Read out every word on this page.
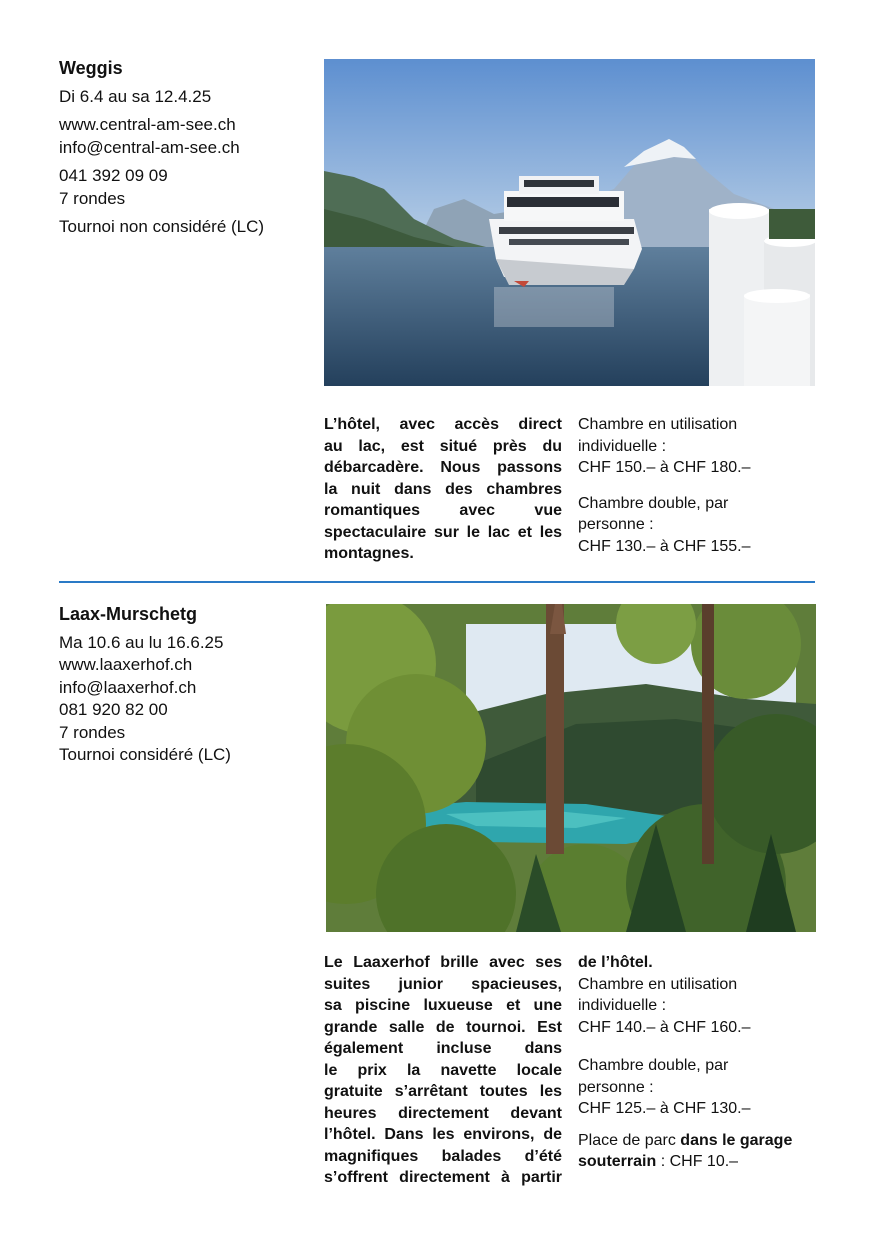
Weggis
Di 6.4 au sa 12.4.25
www.central-am-see.ch
info@central-am-see.ch
041 392 09 09
7 rondes
Tournoi non considéré (LC)
L’hôtel, avec accès direct
au lac, est situé près du
débarcadère. Nous passons
la nuit dans des chambres
romantiques avec vue
spectaculaire sur le lac et les
montagnes.
Chambre en utilisation
individuelle :
CHF 150.– à CHF 180.–
Chambre double, par
personne :
CHF 130.– à CHF 155.–
Laax-Murschetg
Ma 10.6 au lu 16.6.25
www.laaxerhof.ch
info@laaxerhof.ch
081 920 82 00
7 rondes
Tournoi considéré (LC)
Le Laaxerhof brille avec ses
suites junior spacieuses,
sa piscine luxueuse et une
grande salle de tournoi. Est
également incluse dans
le prix la navette locale
gratuite s’arrêtant toutes les
heures directement devant
l’hôtel. Dans les environs, de
magnifiques balades d’été
s’offrent directement à partir
de l’hôtel.
Chambre en utilisation
individuelle :
CHF 140.– à CHF 160.–
Chambre double, par
personne :
CHF 125.– à CHF 130.–
Place de parc dans le garage
souterrain : CHF 10.–
